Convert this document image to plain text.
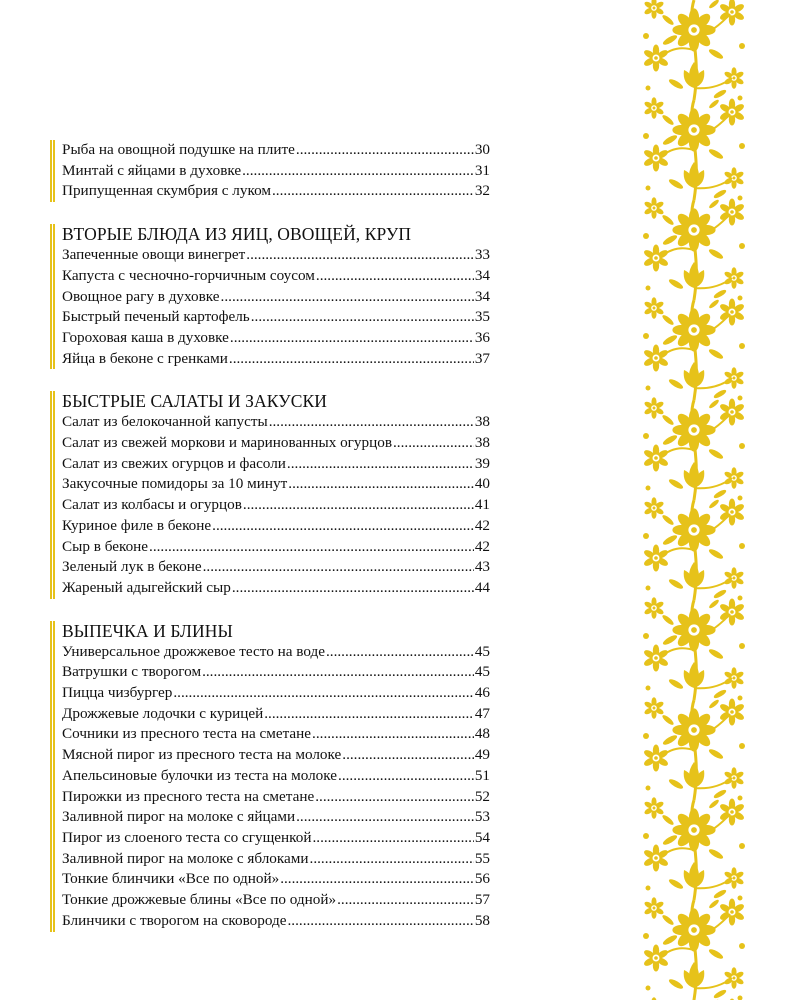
Рыба на овощной подушке на плите .....	30
Минтай с яйцами в духовке .....	31
Припущенная скумбрия с луком .....	32
ВТОРЫЕ БЛЮДА ИЗ ЯИЦ, ОВОЩЕЙ, КРУП
Запеченные овощи винегрет .....	33
Капуста с чесночно-горчичным соусом .....	34
Овощное рагу в духовке .....	34
Быстрый печеный картофель .....	35
Гороховая каша в духовке .....	36
Яйца в беконе с гренками .....	37
БЫСТРЫЕ САЛАТЫ И ЗАКУСКИ
Салат из белокочанной капусты .....	38
Салат из свежей моркови и маринованных огурцов .....	38
Салат из свежих огурцов и фасоли .....	39
Закусочные помидоры за 10 минут .....	40
Салат из колбасы и огурцов .....	41
Куриное филе в беконе .....	42
Сыр в беконе .....	42
Зеленый лук в беконе .....	43
Жареный адыгейский сыр .....	44
ВЫПЕЧКА И БЛИНЫ
Универсальное дрожжевое тесто на воде .....	45
Ватрушки с творогом .....	45
Пицца чизбургер .....	46
Дрожжевые лодочки с курицей .....	47
Сочники из пресного теста на сметане .....	48
Мясной пирог из пресного теста на молоке .....	49
Апельсиновые булочки из теста на молоке .....	51
Пирожки из пресного теста на сметане .....	52
Заливной пирог на молоке с яйцами .....	53
Пирог из слоеного теста со сгущенкой .....	54
Заливной пирог на молоке с яблоками .....	55
Тонкие блинчики «Все по одной» .....	56
Тонкие дрожжевые блины «Все по одной» .....	57
Блинчики с творогом на сковороде .....	58
